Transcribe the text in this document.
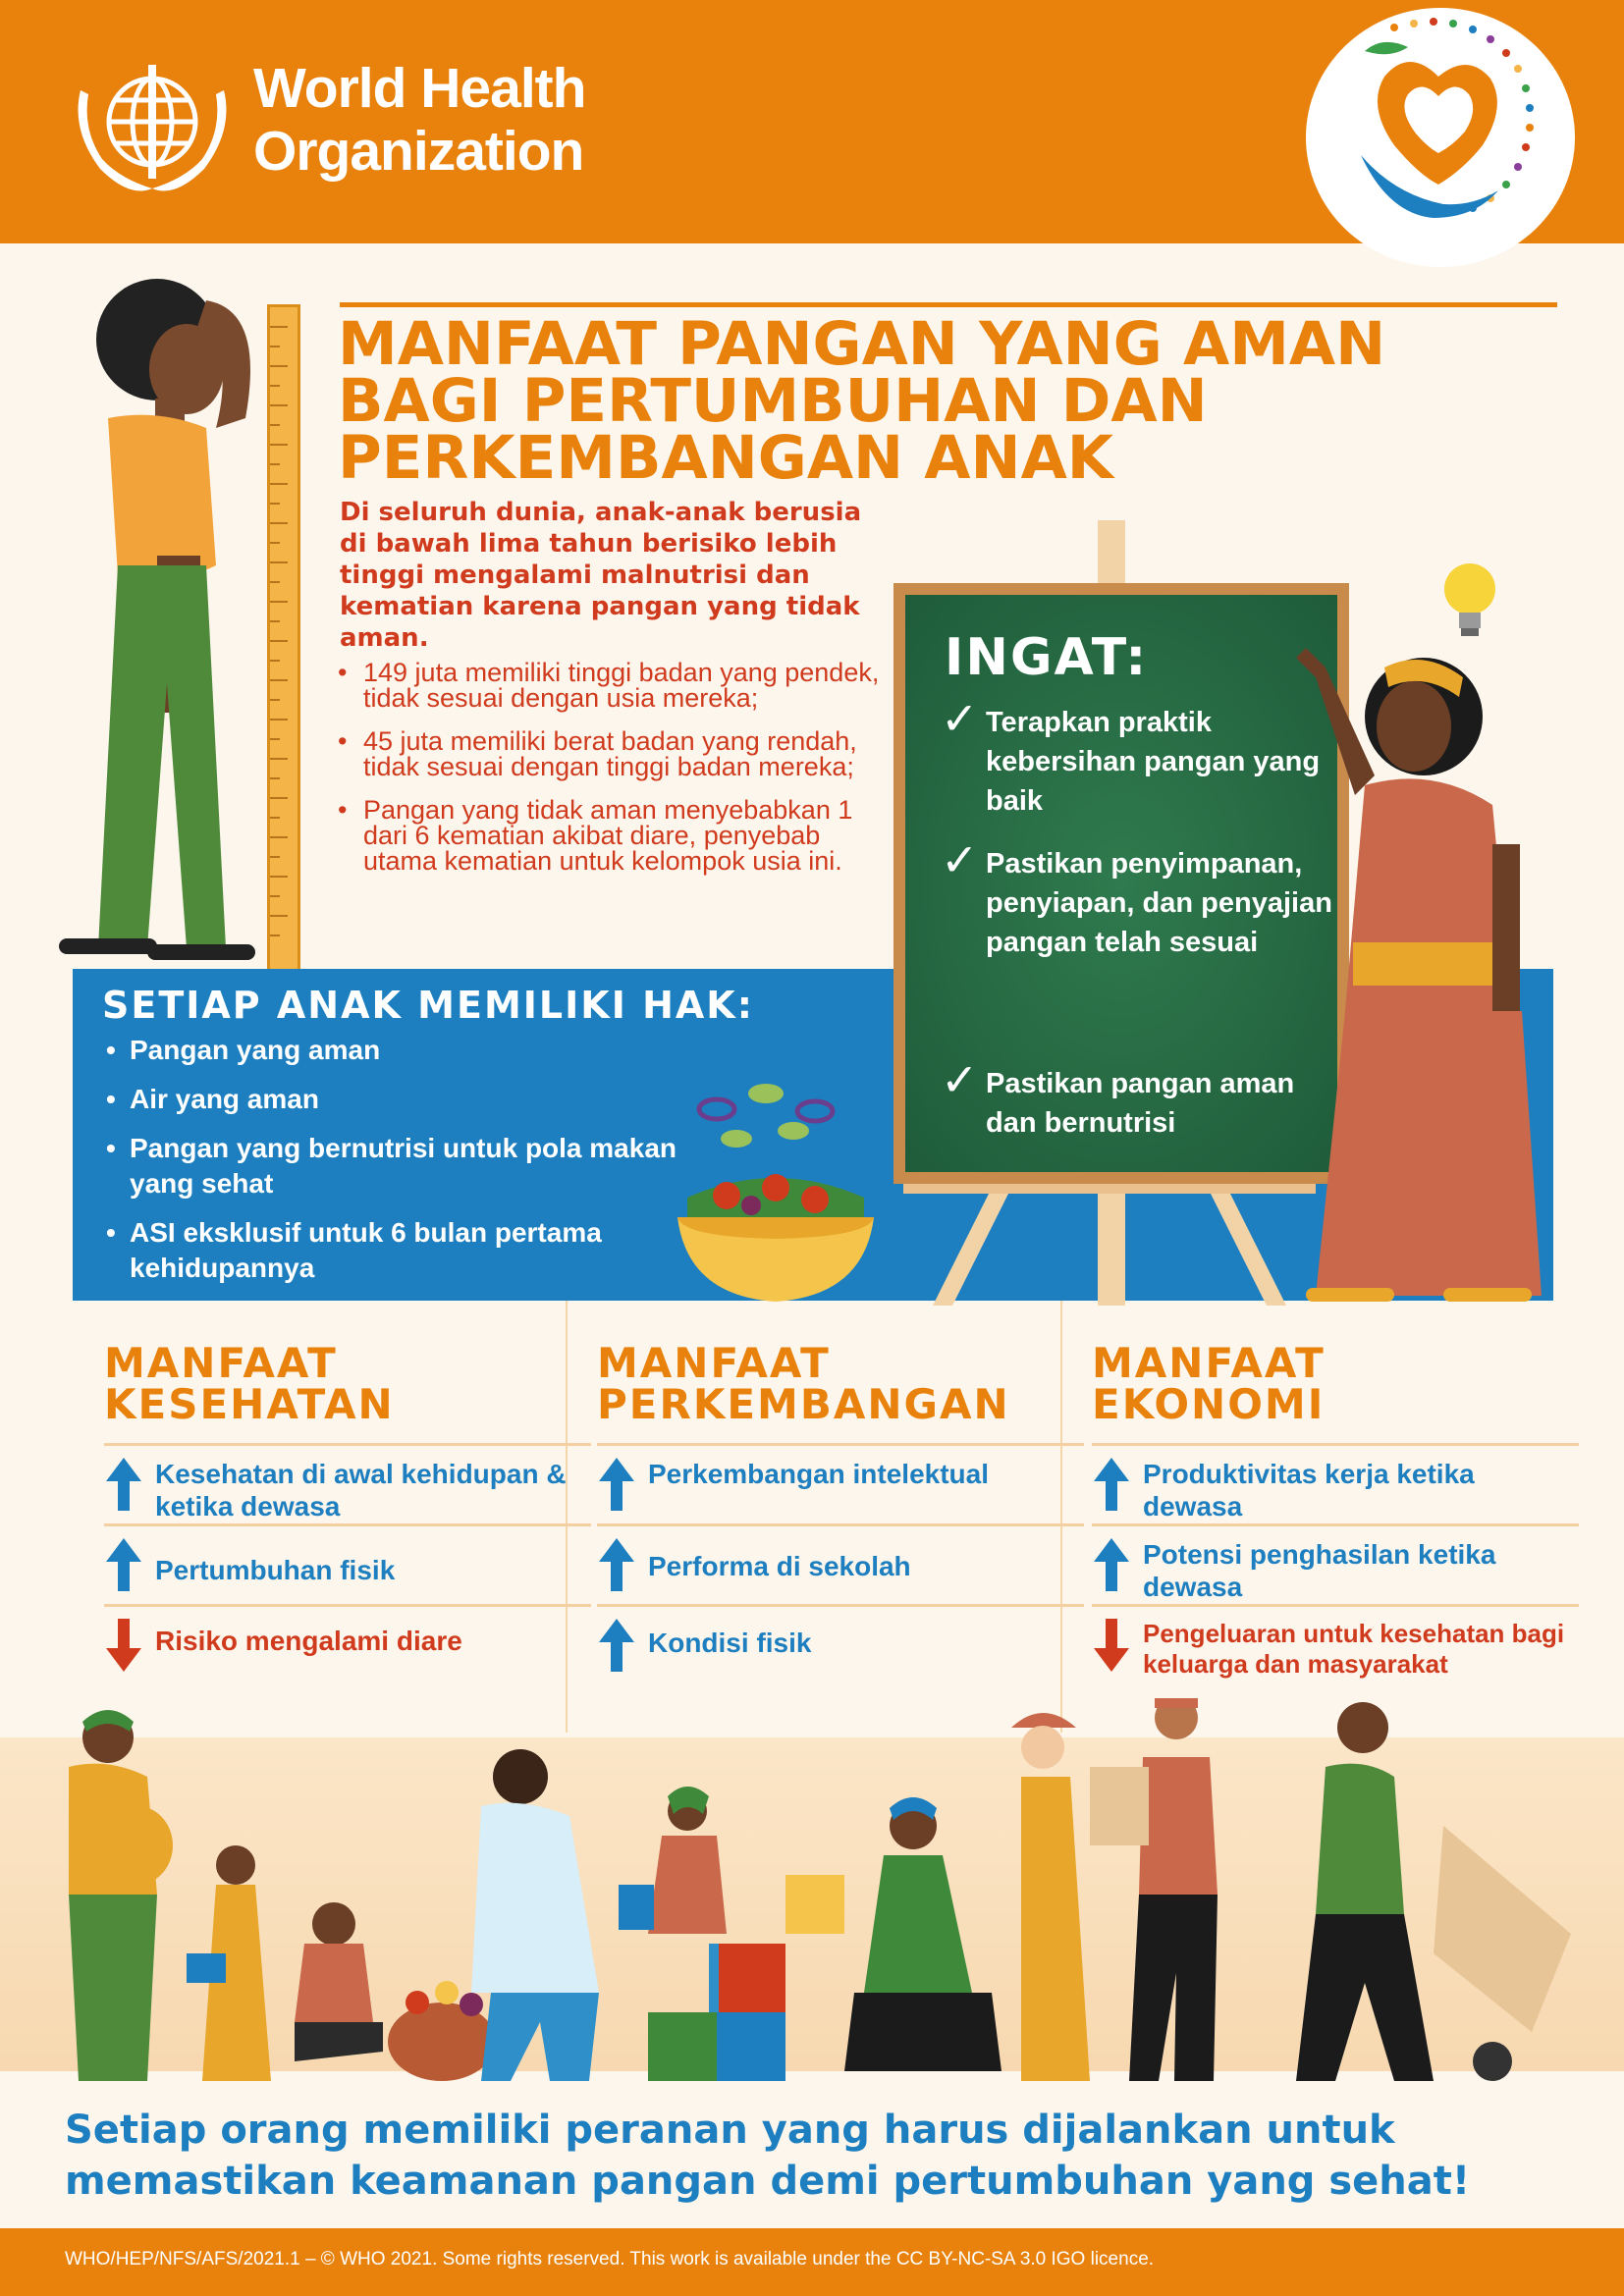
World Health
Organization
MANFAAT PANGAN YANG AMAN
BAGI PERTUMBUHAN DAN
PERKEMBANGAN ANAK
Di seluruh dunia, anak-anak berusia di bawah lima tahun berisiko lebih tinggi mengalami malnutrisi dan kematian karena pangan yang tidak aman.
• 149 juta memiliki tinggi badan yang pendek, tidak sesuai dengan usia mereka;
• 45 juta memiliki berat badan yang rendah, tidak sesuai dengan tinggi badan mereka;
• Pangan yang tidak aman menyebabkan 1 dari 6 kematian akibat diare, penyebab utama kematian untuk kelompok usia ini.
SETIAP ANAK MEMILIKI HAK:
• Pangan yang aman
• Air yang aman
• Pangan yang bernutrisi untuk pola makan yang sehat
• ASI eksklusif untuk 6 bulan pertama kehidupannya
INGAT:
✓ Terapkan praktik kebersihan pangan yang baik
✓ Pastikan penyimpanan, penyiapan, dan penyajian pangan telah sesuai
✓ Pastikan pangan aman dan bernutrisi
MANFAAT
KESEHATAN
Kesehatan di awal kehidupan & ketika dewasa
Pertumbuhan fisik
Risiko mengalami diare
MANFAAT
PERKEMBANGAN
Perkembangan intelektual
Performa di sekolah
Kondisi fisik
MANFAAT
EKONOMI
Produktivitas kerja ketika dewasa
Potensi penghasilan ketika dewasa
Pengeluaran untuk kesehatan bagi keluarga dan masyarakat
Setiap orang memiliki peranan yang harus dijalankan untuk memastikan keamanan pangan demi pertumbuhan yang sehat!
WHO/HEP/NFS/AFS/2021.1 – © WHO 2021. Some rights reserved. This work is available under the CC BY-NC-SA 3.0 IGO licence.
